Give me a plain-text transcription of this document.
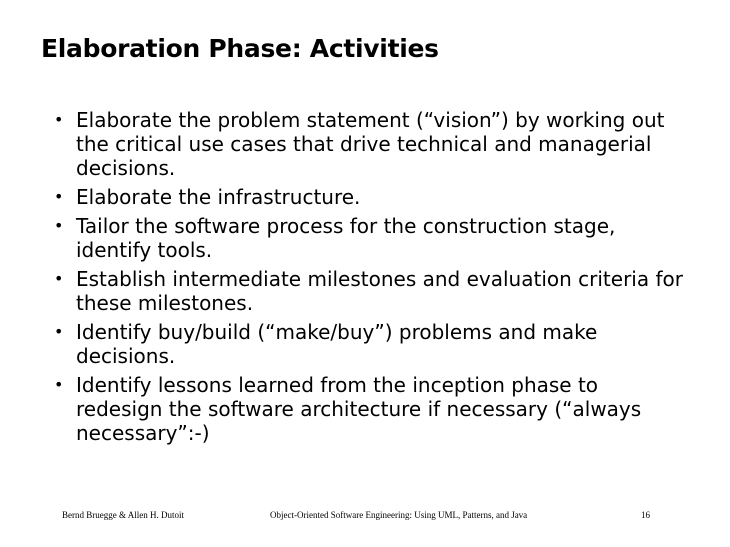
Elaboration Phase: Activities
• Elaborate the problem statement (“vision”) by working out the critical use cases that drive technical and managerial decisions.
• Elaborate the infrastructure.
• Tailor the software process for the construction stage, identify tools.
• Establish intermediate milestones and evaluation criteria for these milestones.
• Identify buy/build (“make/buy”) problems and make decisions.
• Identify lessons learned from the inception phase to redesign the software architecture if necessary (“always necessary”:-)
Bernd Bruegge & Allen H. Dutoit	Object-Oriented Software Engineering: Using UML, Patterns, and Java	16
